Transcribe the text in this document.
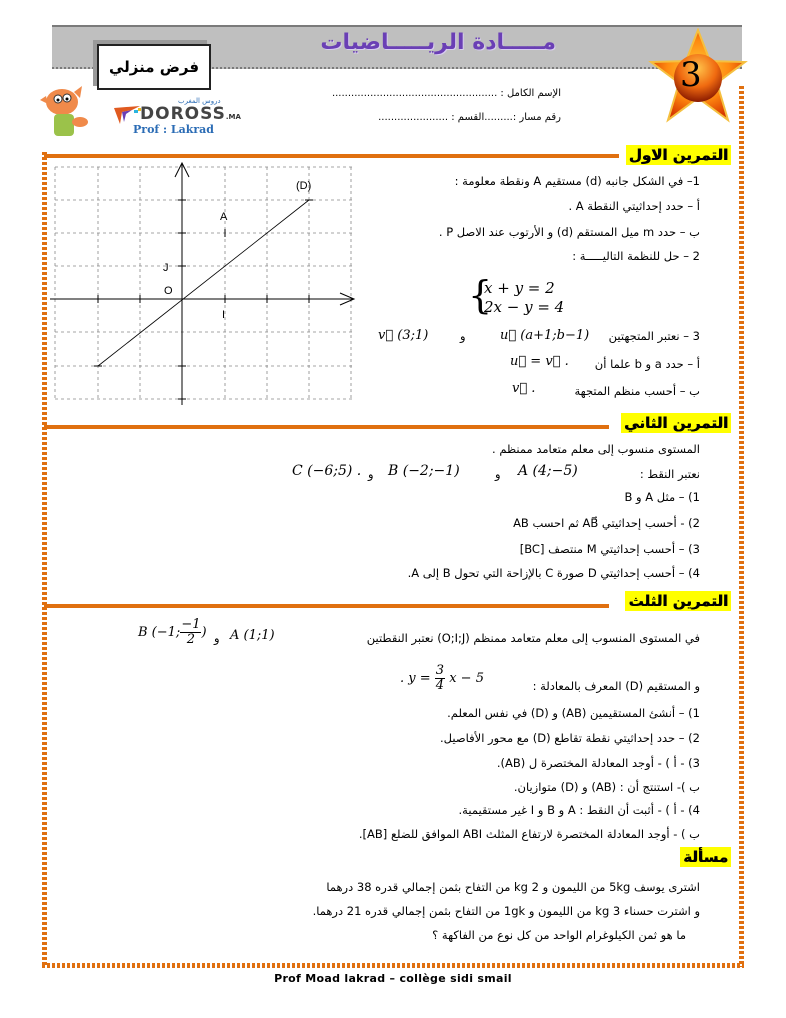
مـــــادة الريـــــاضيات
فرض منزلي	3
دروس المغرب
DOROSS.MA
Prof : Lakrad
الإسم الكامل : ....................................................
رقم مسار :.........القسم : ......................
التمرين الاول
(D)
A
J
O
I
1– في الشكل جانبه (d) مستقيم A ونقطة معلومة :
أ – حدد إحداثيتي النقطة A .
ب – حدد m ميل المستقم (d) و الأرتوب عند الاصل P .
2 – حل للنظمة التاليـــــة :
{
x + y = 2
2x − y = 4
3 – نعتبر المتجهتين
u⃗ (a+1;b−1)
و
v⃗ (3;1)
أ – حدد a و b علما أن
u⃗ = v⃗ .
ب – أحسب منظم المتجهة
v⃗ .
التمرين الثاني
المستوى منسوب إلى معلم متعامد ممنظم .
نعتبر النقط :
A (4;−5)
و
B (−2;−1)
و
C (−6;5) .
1) – مثل A و B
2) - أحسب إحداثيتي AB⃗ ثم احسب AB
3) – أحسب إحداثيتي M منتصف [BC]
4) – أحسب إحداثيتي D صورة C بالإزاحة التي تحول B إلى A.
التمرين الثلث
في المستوى المنسوب إلى معلم متعامد ممنظم (O;I;J) نعتبر النقطتين
A (1;1)
و
B (−1; $\frac{-1}{2}$ )
و المستقيم (D) المعرف بالمعادلة :
. $y = \frac{3}{4}$ x − 5
1) – أنشئ المستقيمين (AB) و (D) في نفس المعلم.
2) – حدد إحداثيتي نقطة تقاطع (D) مع محور الأفاصيل.
3) - أ ) - أوجد المعادلة المختصرة ل (AB).
ب )- استنتج أن : (AB) و (D) متوازيان.
4) - أ ) - أثبت أن النقط : A و B و I غير مستقيمية.
ب ) - أوجد المعادلة المختصرة لارتفاع المثلث ABI الموافق للضلع [AB].
مسألة
اشترى يوسف 5kg من الليمون و 2 kg من التفاح بثمن إجمالي قدره 38 درهما
و اشترت حسناء 3 kg من الليمون و 1gk من التفاح بثمن إجمالي قدره 21 درهما.
ما هو ثمن الكيلوغرام الواحد من كل نوع من الفاكهة ؟
Prof Moad lakrad – collège sidi smail
